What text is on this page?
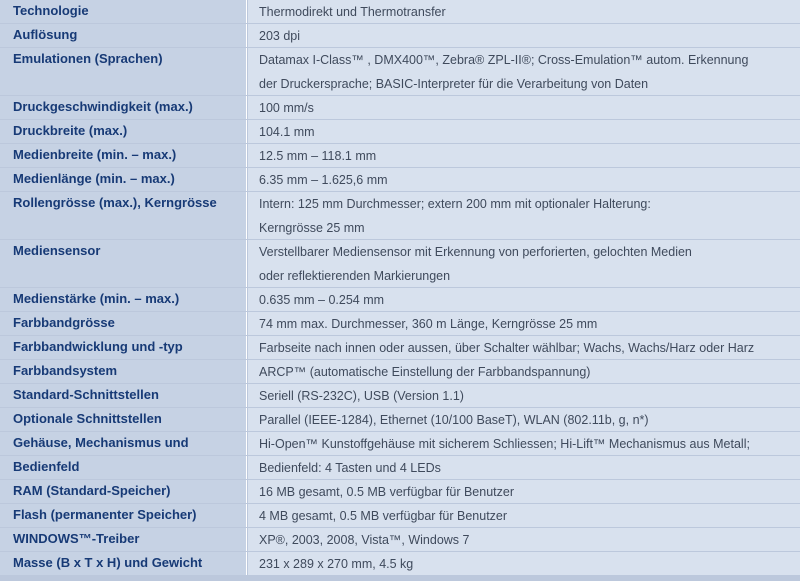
Technologie	Thermodirekt und Thermotransfer
Auflösung	203 dpi
Emulationen (Sprachen)	Datamax I-Class™ , DMX400™, Zebra® ZPL-II®; Cross-Emulation™ autom. Erkennung
der Druckersprache; BASIC-Interpreter für die Verarbeitung von Daten
Druckgeschwindigkeit (max.)	100 mm/s
Druckbreite (max.)	104.1 mm
Medienbreite (min. – max.)	12.5 mm – 118.1 mm
Medienlänge (min. – max.)	6.35 mm – 1.625,6 mm
Rollengrösse (max.), Kerngrösse	Intern: 125 mm Durchmesser; extern 200 mm mit optionaler Halterung:
Kerngrösse 25 mm
Mediensensor	Verstellbarer Mediensensor mit Erkennung von perforierten, gelochten Medien
oder reflektierenden Markierungen
Medienstärke (min. – max.)	0.635 mm – 0.254 mm
Farbbandgrösse	74 mm max. Durchmesser, 360 m Länge, Kerngrösse 25 mm
Farbbandwicklung und -typ	Farbseite nach innen oder aussen, über Schalter wählbar; Wachs, Wachs/Harz oder Harz
Farbbandsystem	ARCP™ (automatische Einstellung der Farbbandspannung)
Standard-Schnittstellen	Seriell (RS-232C), USB (Version 1.1)
Optionale Schnittstellen	Parallel (IEEE-1284), Ethernet (10/100 BaseT), WLAN (802.11b, g, n*)
Gehäuse, Mechanismus und	Hi-Open™ Kunstoffgehäuse mit sicherem Schliessen; Hi-Lift™ Mechanismus aus Metall;
Bedienfeld	Bedienfeld: 4 Tasten und 4 LEDs
RAM (Standard-Speicher)	16 MB gesamt, 0.5 MB verfügbar für Benutzer
Flash (permanenter Speicher)	4 MB gesamt, 0.5 MB verfügbar für Benutzer
WINDOWS™-Treiber	XP®, 2003, 2008, Vista™, Windows 7
Masse (B x T x H) und Gewicht	231 x 289 x 270 mm, 4.5 kg
